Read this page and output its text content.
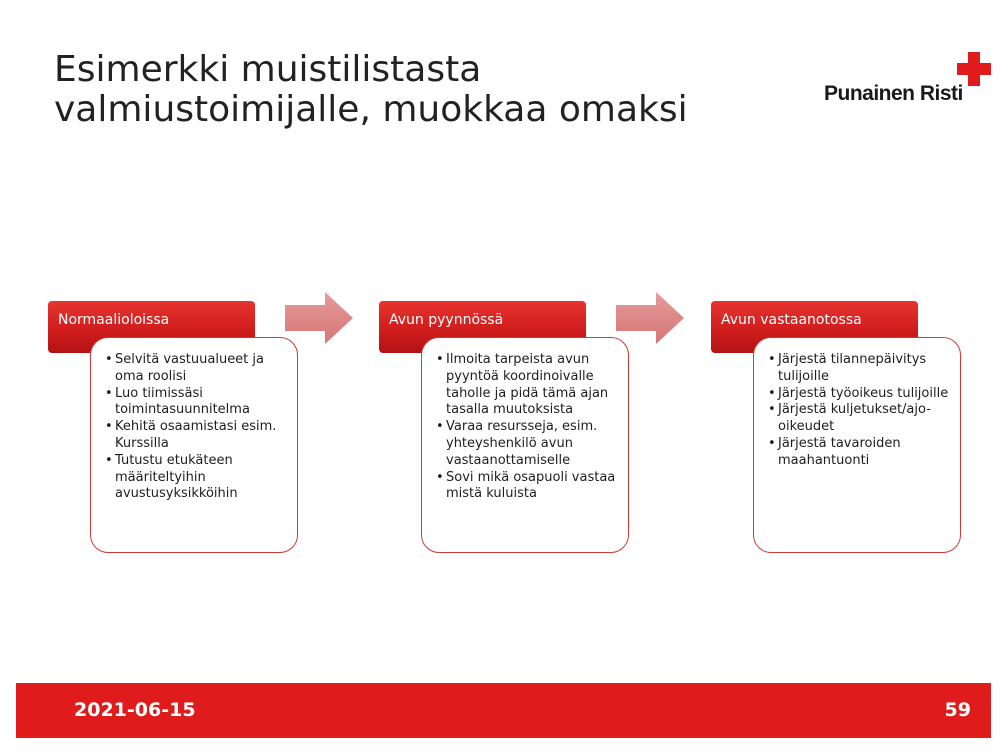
Esimerkki muistilistasta
valmiustoimijalle, muokkaa omaksi	Punainen Risti
Normaalioloissa
• Selvitä vastuualueet ja oma roolisi
• Luo tiimissäsi toimintasuunnitelma
• Kehitä osaamistasi esim. Kurssilla
• Tutustu etukäteen määriteltyihin avustusyksikköihin
Avun pyynnössä
• Ilmoita tarpeista avun pyyntöä koordinoivalle taholle ja pidä tämä ajan tasalla muutoksista
• Varaa resursseja, esim. yhteyshenkilö avun vastaanottamiselle
• Sovi mikä osapuoli vastaa mistä kuluista
Avun vastaanotossa
• Järjestä tilannepäivitys tulijoille
• Järjestä työoikeus tulijoille
• Järjestä kuljetukset/ajo-oikeudet
• Järjestä tavaroiden maahantuonti
2021-06-15	59
